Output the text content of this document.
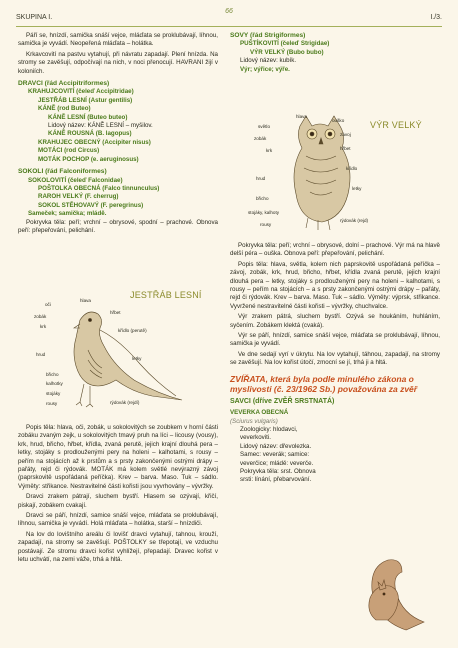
SKUPINA I.
66
I./3.

Páří se, hnízdí, samička snáší vejce, mláďata se proklubávají, líhnou, samička je vyvádí. Neopeřená mláďata – holátka.

Krkavcovití na pastvu vytahují, při návratu zapadají. Plení hnízda. Na stromy se zavěšují, odpočívají na nich, v noci přenocují. HAVRANI žijí v koloniích.

DRAVCI (řád Accipitriformes)
KRAHUJCOVITÍ (čeleď Accipitridae)
JESTŘÁB LESNÍ (Astur gentilis)
KÁNĚ (rod Buteo)
KÁNĚ LESNÍ (Buteo buteo)
Lidový název: KÁNĚ LESNÍ – myšilov.
KÁNĚ ROUSNÁ (B. lagopus)
KRAHUJEC OBECNÝ (Accipiter nisus)
MOTÁCI (rod Circus)
MOTÁK POCHOP (e. aeruginosus)
SOKOLI (řád Falconiformes)
SOKOLOVITÍ (čeleď Falconidae)
POŠTOLKA OBECNÁ (Falco tinnunculus)
RAROH VELKÝ (F. cherrug)
SOKOL STĚHOVAVÝ (F. peregrinus)
Sameček; samička; mládě.

Pokryvka těla: peří; vrchní – obrysové, spodní – prachové. Obnova peří: přepeřování, pelichání.

JESTŘÁB LESNÍ
oči
hlava
zobák
krk
hřbet
křídlo (perutě)
hrud
letky
břicho
kalhotky
stojáky
rousy	rýdovák (rejdí)

Popis těla: hlava, oči, zobák, u sokolovitých se zoubkem v horní části zobáku zvaným zejk, u sokolovitých tmavý pruh na líci – licousy (vousy), krk, hrud, břicho, hřbet, křídla, zvaná perutě, jejich krajní dlouhá pera – letky, stojáky s prodlouženými pery na holeni – kalhotami, s rousy – peřím na stojácích až k prstům a s prsty zakončenými ostrými drápy – pařáty, rejd či rýdovák. MOTÁK má kolem světlé nevýrazný závoj (paprskovitě uspořádaná peříčka). Krev – barva. Maso. Tuk – sádlo. Výměty: střikance. Nestravitelné části kořisti jsou vyvrhovány – vývržky.

Dravci zrakem pátrají, sluchem bystří. Hlasem se ozývají, křičí, piskají, zobákem cvakají.

Dravci se páří, hnízdí, samice snáší vejce, mláďata se proklubávají, líhnou, samička je vyvádí. Holá mláďata – holátka, starší – hnízdiči.

Na lov do lovištního areálu či lovišť dravci vytahují, tahnou, krouží, zapadají, na stromy se zavěšují. POŠTOLKY se třepotají, ve vzduchu postávají. Ze stromu dravci kořist vyhlížejí, přepadají. Dravec kořist v letu uchvátí, na zemi váže, trhá a hltá.

SOVY (řád Strigiformes)
PUŠTÍKOVITÍ (čeleď Strigidae)
VÝR VELKÝ (Bubo bubo)
Lidový název: kubík.
Výr; výřice; výře.
VÝR VELKÝ
hlava
ouško
světlo
závoj
zobák
krk	hřbet
hrud
křídlo
letky
břicho
stojáky, kalhoty
rýdovák (rejd)
rousy

Pokryvka těla: peří; vrchní – obrysové, dolní – prachové. Výr má na hlavě delší péra – ouška. Obnova peří: přepeřování, pelichání.

Popis těla: hlava, světla, kolem nich paprskovitě uspořádaná peříčka – závoj, zobák, krk, hrud, břicho, hřbet, křídla zvaná perutě, jejich krajní dlouhá pera – letky, stojáky s prodlouženými pery na holeni – kalhotami, s rousy – peřím na stojácích – a s prsty zakončenými ostrými drápy – pařáty, rejd či rýdovák. Krev – barva. Maso. Tuk – sádlo. Výměty: výprsk, střikance. Vyvržené nestravitelné části kořisti – vývržky, chuchvalce.

Výr zrakem pátrá, sluchem bystří. Ozývá se houkáním, huhláním, syčením. Zobákem klektá (cvaká).

Výr se páří, hnízdí, samice snáší vejce, mláďata se proklubávají, líhnou, samička je vyvádí.

Ve dne sedají vyrí v úkrytu. Na lov vytahují, táhnou, zapadají, na stromy se zavěšují. Na lov kořist útočí, zmocní se jí, trhá ji a hltá.

ZVÍŘATA, která byla podle minulého zákona o myslivosti (č. 23/1962 Sb.) považována za zvěř
SAVCI (dříve ZVĚŘ SRSTNATÁ)
VEVERKA OBECNÁ
(Sciurus vulgaris)
Zoologicky: hlodavci, veverkoviti.
Lidový název: dřevolezka.
Samec: veverák; samice: veverčice; mládě: veverče.
Pokryvka těla: srst. Obnova srsti: línání, přebarvování.
